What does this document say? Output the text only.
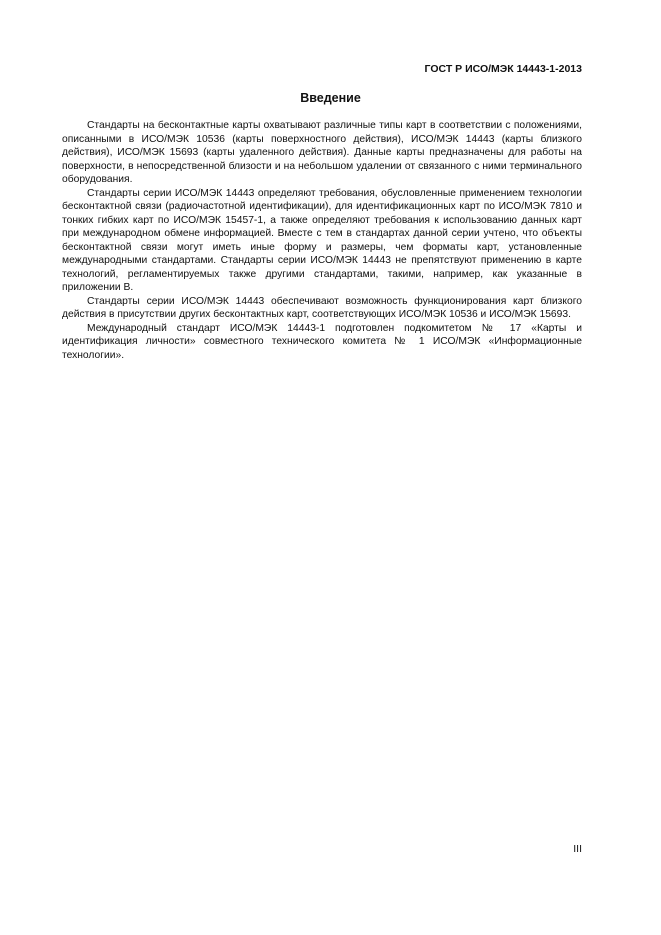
ГОСТ Р ИСО/МЭК 14443-1-2013
Введение

Стандарты на бесконтактные карты охватывают различные типы карт в соответствии с положениями, описанными в ИСО/МЭК 10536 (карты поверхностного действия), ИСО/МЭК 14443 (карты близкого действия), ИСО/МЭК 15693 (карты удаленного действия). Данные карты предназначены для работы на поверхности, в непосредственной близости и на небольшом удалении от связанного с ними терминального оборудования.

Стандарты серии ИСО/МЭК 14443 определяют требования, обусловленные применением технологии бесконтактной связи (радиочастотной идентификации), для идентификационных карт по ИСО/МЭК 7810 и тонких гибких карт по ИСО/МЭК 15457-1, а также определяют требования к использованию данных карт при международном обмене информацией. Вместе с тем в стандартах данной серии учтено, что объекты бесконтактной связи могут иметь иные форму и размеры, чем форматы карт, установленные международными стандартами. Стандарты серии ИСО/МЭК 14443 не препятствуют применению в карте технологий, регламентируемых также другими стандартами, такими, например, как указанные в приложении В.

Стандарты серии ИСО/МЭК 14443 обеспечивают возможность функционирования карт близкого действия в присутствии других бесконтактных карт, соответствующих ИСО/МЭК 10536 и ИСО/МЭК 15693.

Международный стандарт ИСО/МЭК 14443-1 подготовлен подкомитетом № 17 «Карты и идентификация личности» совместного технического комитета № 1 ИСО/МЭК «Информационные технологии».

III
